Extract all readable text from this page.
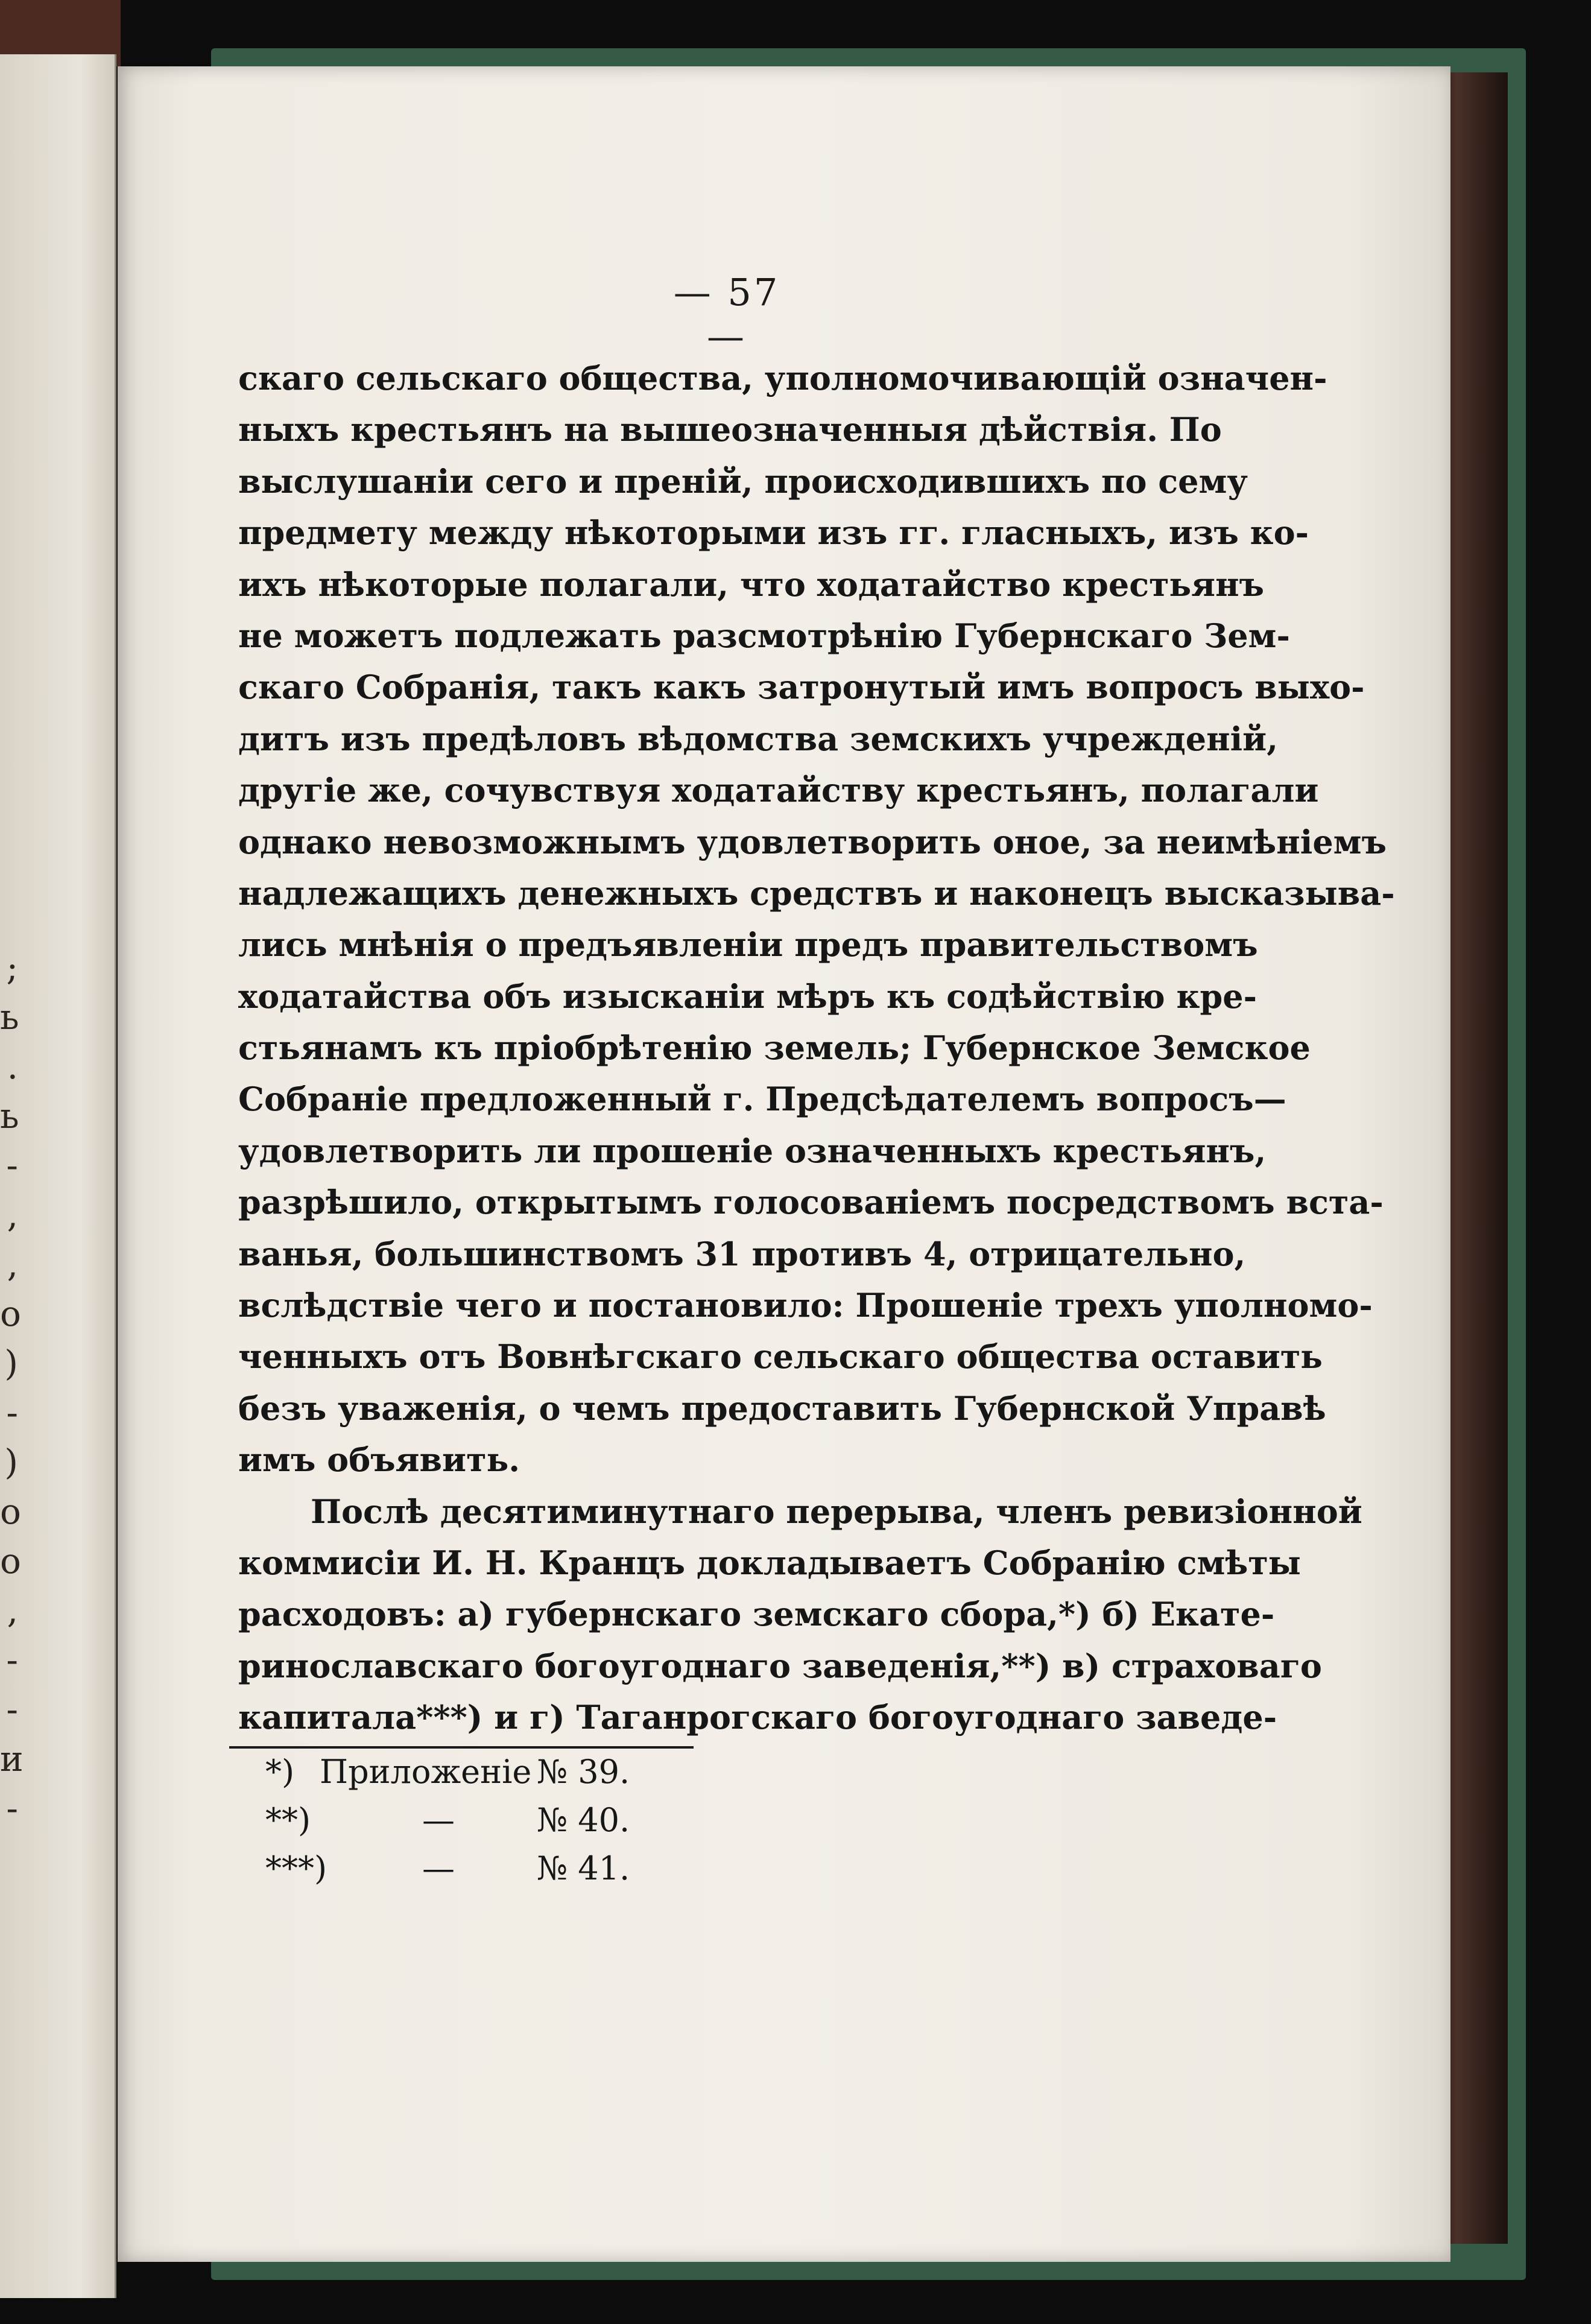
;
ь
.
ь
-
,
,
о
)
-
)
о
о
,
-
-
и
-
— 57 —
скаго сельскаго общества, уполномочивающій означен-
ныхъ крестьянъ на вышеозначенныя дѣйствія. По
выслушаніи сего и преній, происходившихъ по сему
предмету между нѣкоторыми изъ гг. гласныхъ, изъ ко-
ихъ нѣкоторые полагали, что ходатайство крестьянъ
не можетъ подлежать разсмотрѣнію Губернскаго Зем-
скаго Собранія, такъ какъ затронутый имъ вопросъ выхо-
дитъ изъ предѣловъ вѣдомства земскихъ учрежденій,
другіе же, сочувствуя ходатайству крестьянъ, полагали
однако невозможнымъ удовлетворить оное, за неимѣніемъ
надлежащихъ денежныхъ средствъ и наконецъ высказыва-
лись мнѣнія о предъявленіи предъ правительствомъ
ходатайства объ изысканіи мѣръ къ содѣйствію кре-
стьянамъ къ пріобрѣтенію земель; Губернское Земское
Собраніе предложенный г. Предсѣдателемъ вопросъ—
удовлетворить ли прошеніе означенныхъ крестьянъ,
разрѣшило, открытымъ голосованіемъ посредствомъ вста-
ванья, большинствомъ 31 противъ 4, отрицательно,
вслѣдствіе чего и постановило: Прошеніе трехъ уполномо-
ченныхъ отъ Вовнѣгскаго сельскаго общества оставить
безъ уваженія, о чемъ предоставить Губернской Управѣ
имъ объявить.
Послѣ десятиминутнаго перерыва, членъ ревизіонной
коммисіи И. Н. Кранцъ докладываетъ Собранію смѣты
расходовъ: а) губернскаго земскаго сбора,*) б) Екате-
ринославскаго богоугоднаго заведенія,**) в) страховаго
капитала***) и г) Таганрогскаго богоугоднаго заведе-
*) Приложеніе № 39.
**)	—	№ 40.
***)	—	№ 41.
